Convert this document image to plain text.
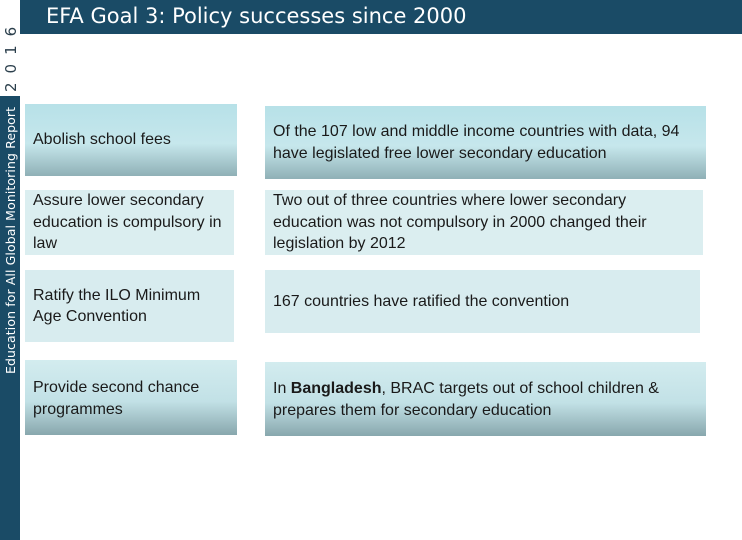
2016
Education for All Global Monitoring Report
EFA Goal 3: Policy successes since 2000
Abolish school fees	Of the 107 low and middle income countries with data, 94 have legislated free lower secondary education
Assure lower secondary education is compulsory in law
Two out of three countries where lower secondary education was not compulsory in 2000 changed their legislation by 2012
Ratify the ILO Minimum Age Convention
167 countries have ratified the convention
Provide second chance programmes
In Bangladesh, BRAC targets out of school children & prepares them for secondary education
